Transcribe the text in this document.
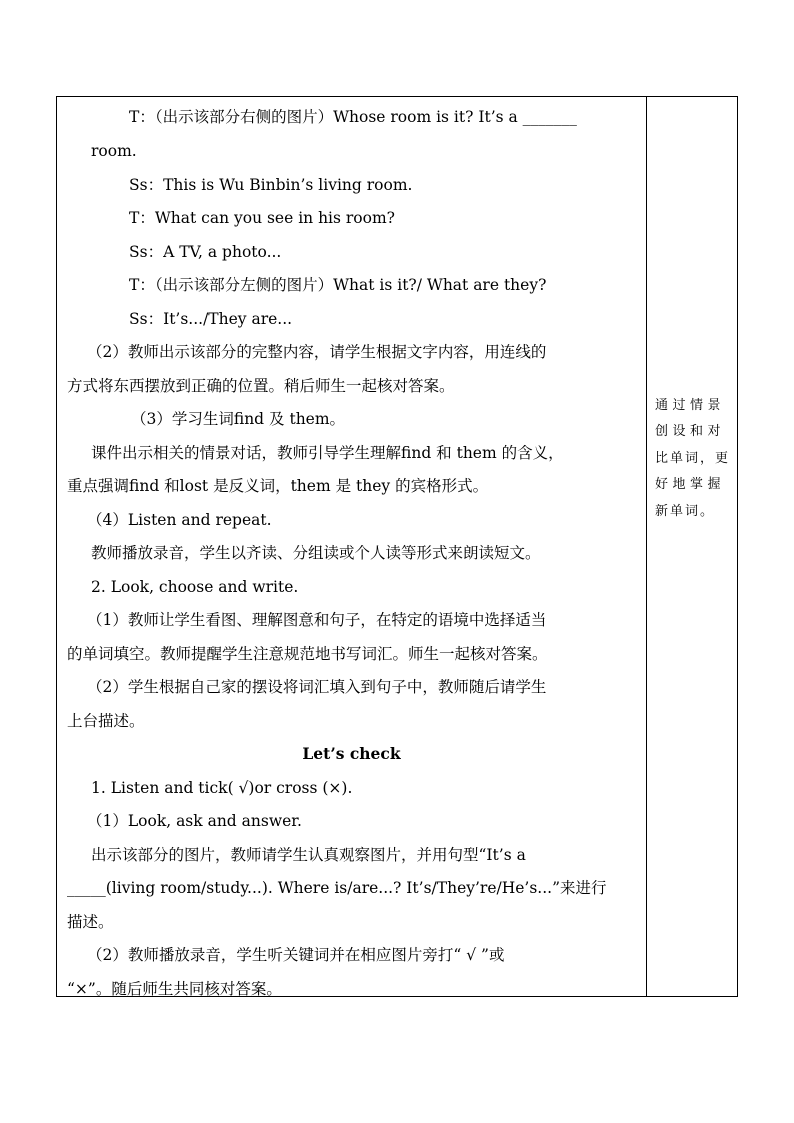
T：（出示该部分右侧的图片）Whose room is it? It’s a _______
room.
Ss：This is Wu Binbin’s living room.
T：What can you see in his room?
Ss：A TV, a photo...
T：（出示该部分左侧的图片）What is it?/ What are they?
Ss：It’s.../They are...
（2）教师出示该部分的完整内容，请学生根据文字内容，用连线的
方式将东西摆放到正确的位置。稍后师生一起核对答案。
（3）学习生词find 及 them。
课件出示相关的情景对话，教师引导学生理解find 和 them 的含义，
重点强调find 和lost 是反义词，them 是 they 的宾格形式。
（4）Listen and repeat.
教师播放录音，学生以齐读、分组读或个人读等形式来朗读短文。
2. Look, choose and write.
（1）教师让学生看图、理解图意和句子，在特定的语境中选择适当
的单词填空。教师提醒学生注意规范地书写词汇。师生一起核对答案。
（2）学生根据自己家的摆设将词汇填入到句子中，教师随后请学生
上台描述。
Let’s check
1. Listen and tick( √)or cross (×).
（1）Look, ask and answer.
出示该部分的图片，教师请学生认真观察图片，并用句型“It’s a
_____(living room/study...). Where is/are...? It’s/They’re/He’s...”来进行
描述。
（2）教师播放录音，学生听关键词并在相应图片旁打“ √ ”或
“×”。随后师生共同核对答案。
通过情景
创设和对
比单词，更
好地掌握
新单词。
